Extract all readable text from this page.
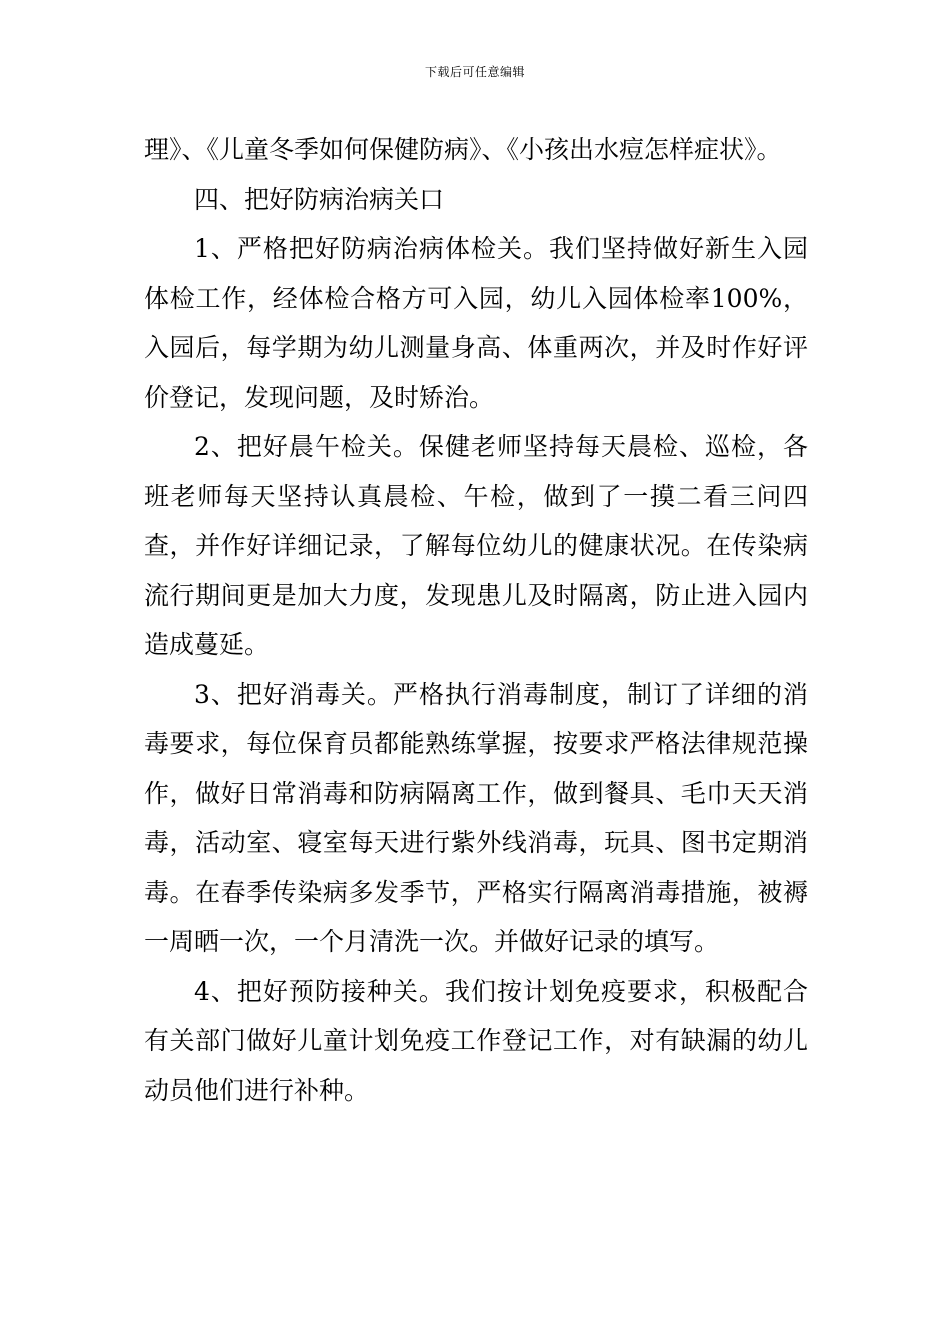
下载后可任意编辑

理》、《儿童冬季如何保健防病》、《小孩出水痘怎样症状》。

四、把好防病治病关口

1、严格把好防病治病体检关。我们坚持做好新生入园体检工作，经体检合格方可入园，幼儿入园体检率100%，入园后，每学期为幼儿测量身高、体重两次，并及时作好评价登记，发现问题，及时矫治。

2、把好晨午检关。保健老师坚持每天晨检、巡检，各班老师每天坚持认真晨检、午检，做到了一摸二看三问四查，并作好详细记录，了解每位幼儿的健康状况。在传染病流行期间更是加大力度，发现患儿及时隔离，防止进入园内造成蔓延。

3、把好消毒关。严格执行消毒制度，制订了详细的消毒要求，每位保育员都能熟练掌握，按要求严格法律规范操作，做好日常消毒和防病隔离工作，做到餐具、毛巾天天消毒，活动室、寝室每天进行紫外线消毒，玩具、图书定期消毒。在春季传染病多发季节，严格实行隔离消毒措施，被褥一周晒一次，一个月清洗一次。并做好记录的填写。

4、把好预防接种关。我们按计划免疫要求，积极配合有关部门做好儿童计划免疫工作登记工作，对有缺漏的幼儿动员他们进行补种。
